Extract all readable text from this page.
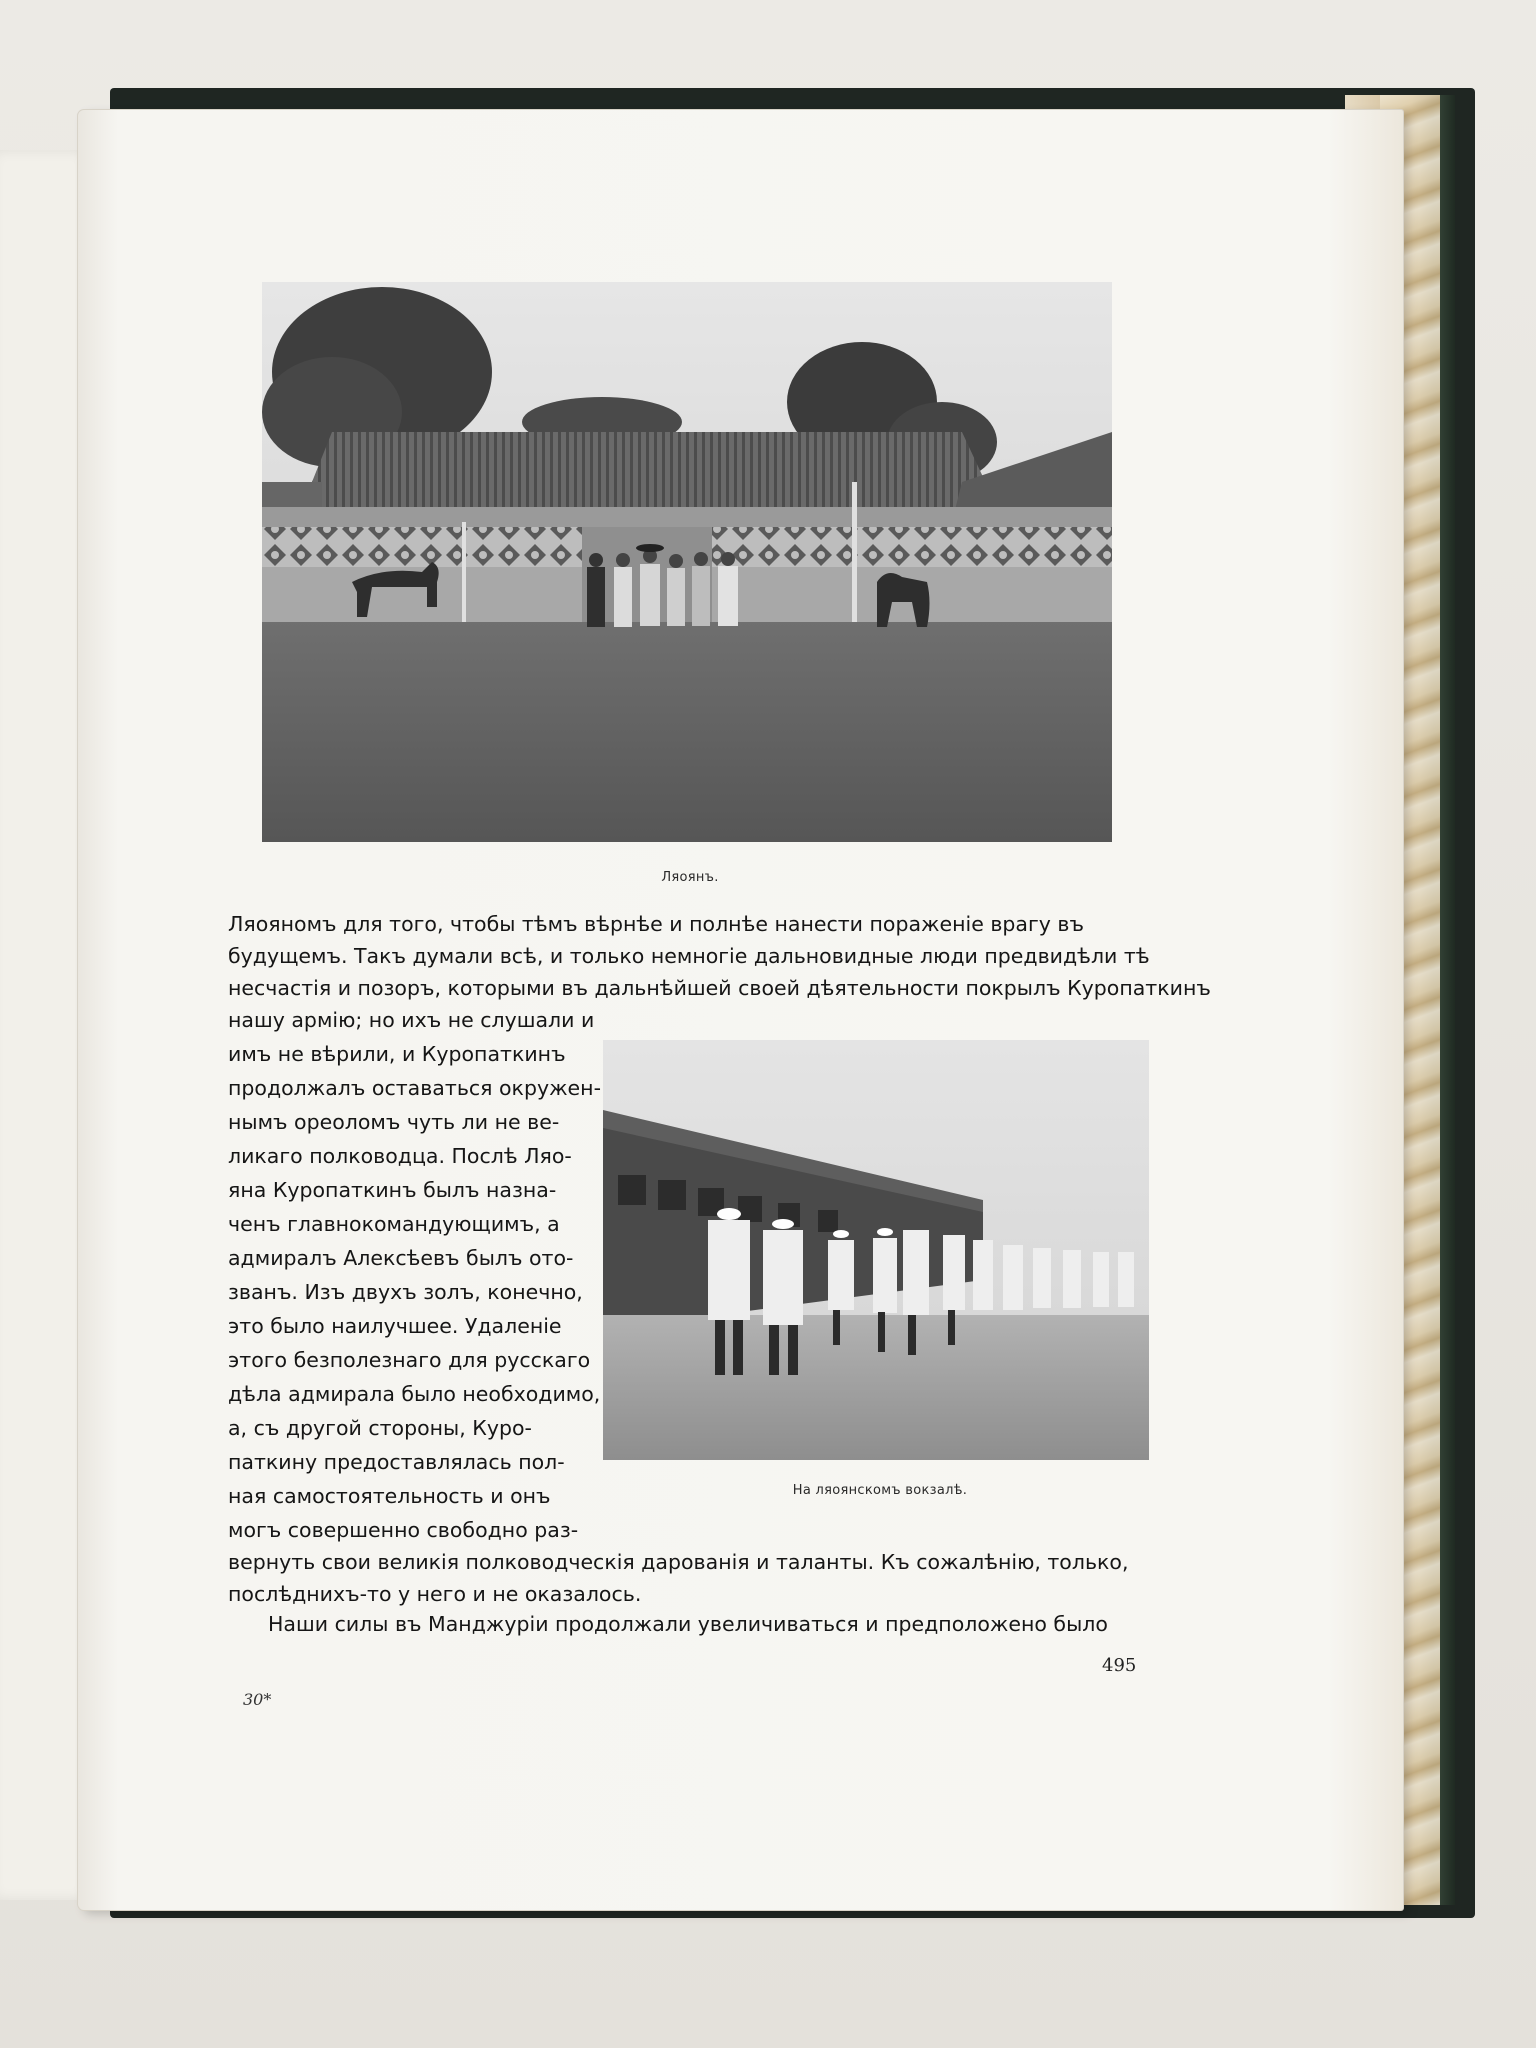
Ляоянъ.
Ляояномъ для того, чтобы тѣмъ вѣрнѣе и полнѣе нанести пораженіе врагу въ
будущемъ. Такъ думали всѣ, и только немногіе дальновидные люди предвидѣли тѣ
несчастія и позоръ, которыми въ дальнѣйшей своей дѣятельности покрылъ Куропаткинъ
нашу армію; но ихъ не слушали и
имъ не вѣрили, и Куропаткинъ
продолжалъ оставаться окружен-
нымъ ореоломъ чуть ли не ве-
ликаго полководца. Послѣ Ляо-
яна Куропаткинъ былъ назна-
ченъ главнокомандующимъ, а
адмиралъ Алексѣевъ былъ ото-
званъ. Изъ двухъ золъ, конечно,
это было наилучшее. Удаленіе
этого безполезнаго для русскаго
дѣла адмирала было необходимо,
а, съ другой стороны, Куро-
паткину предоставлялась пол-
ная самостоятельность и онъ
могъ совершенно свободно раз-
На ляоянскомъ вокзалѣ.
вернуть свои великія полководческія дарованія и таланты. Къ сожалѣнію, только,
послѣднихъ-то у него и не оказалось.
Наши силы въ Манджуріи продолжали увеличиваться и предположено было
495
30*
